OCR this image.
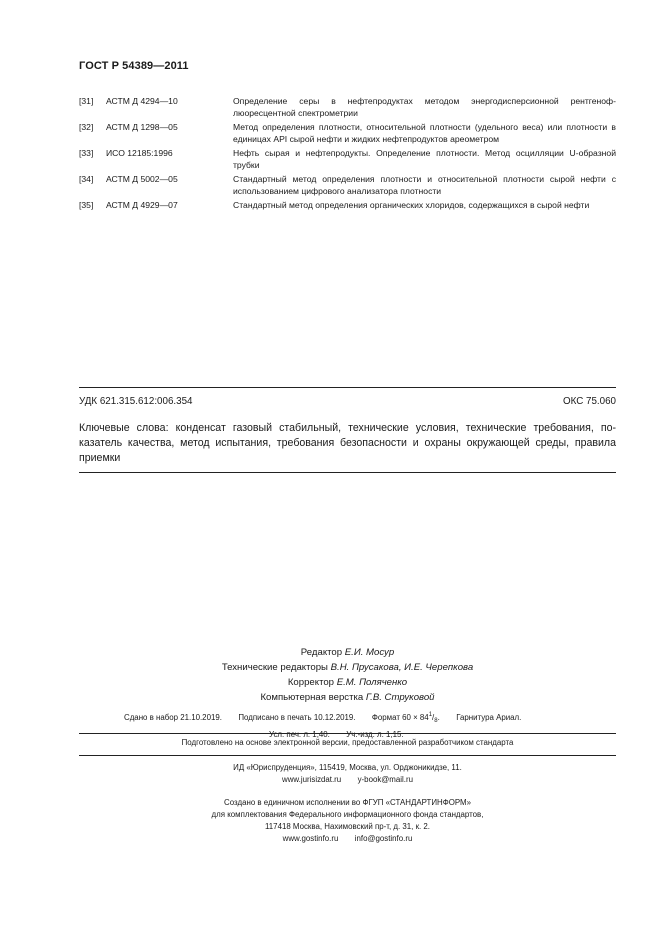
ГОСТ Р 54389—2011
[31]	АСТМ Д 4294—10	Определение серы в нефтепродуктах методом энергодисперсионной рентгеноф-люоресцентной спектрометрии
[32]	АСТМ Д 1298—05	Метод определения плотности, относительной плотности (удельного веса) или плотности в единицах API сырой нефти и жидких нефтепродуктов ареометром
[33]	ИСО 12185:1996	Нефть сырая и нефтепродукты. Определение плотности. Метод осцилляции U-образной трубки
[34]	АСТМ Д 5002—05	Стандартный метод определения плотности и относительной плотности сырой нефти с использованием цифрового анализатора плотности
[35]	АСТМ Д 4929—07	Стандартный метод определения органических хлоридов, содержащихся в сырой нефти
УДК 621.315.612:006.354	ОКС 75.060
Ключевые слова: конденсат газовый стабильный, технические условия, технические требования, по-казатель качества, метод испытания, требования безопасности и охраны окружающей среды, правила приемки
Редактор Е.И. Мосур
Технические редакторы В.Н. Прусакова, И.Е. Черепкова
Корректор Е.М. Поляченко
Компьютерная верстка Г.В. Струковой
Сдано в набор 21.10.2019. Подписано в печать 10.12.2019. Формат $60 \times 84^1/_8$. Гарнитура Ариал.
Усл. печ. л. 1,40. Уч.-изд. л. 1,15.
Подготовлено на основе электронной версии, предоставленной разработчиком стандарта
ИД «Юриспруденция», 115419, Москва, ул. Орджоникидзе, 11.
www.jurisizdat.ru y-book@mail.ru
Создано в единичном исполнении во ФГУП «СТАНДАРТИНФОРМ»
для комплектования Федерального информационного фонда стандартов,
117418 Москва, Нахимовский пр-т, д. 31, к. 2.
www.gostinfo.ru info@gostinfo.ru
